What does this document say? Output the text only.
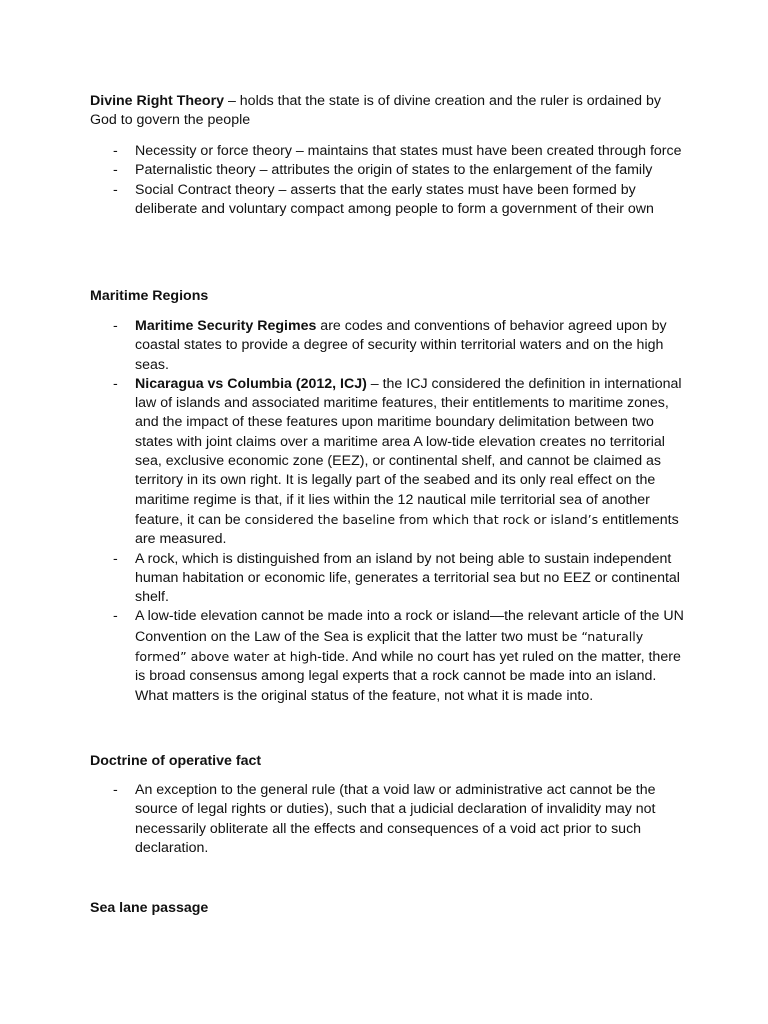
Divine Right Theory – holds that the state is of divine creation and the ruler is ordained by God to govern the people

- Necessity or force theory – maintains that states must have been created through force
- Paternalistic theory – attributes the origin of states to the enlargement of the family
- Social Contract theory – asserts that the early states must have been formed by deliberate and voluntary compact among people to form a government of their own
Maritime Regions
- Maritime Security Regimes are codes and conventions of behavior agreed upon by coastal states to provide a degree of security within territorial waters and on the high seas.
- Nicaragua vs Columbia (2012, ICJ) – the ICJ considered the definition in international law of islands and associated maritime features, their entitlements to maritime zones, and the impact of these features upon maritime boundary delimitation between two states with joint claims over a maritime area A low-tide elevation creates no territorial sea, exclusive economic zone (EEZ), or continental shelf, and cannot be claimed as territory in its own right. It is legally part of the seabed and its only real effect on the maritime regime is that, if it lies within the 12 nautical mile territorial sea of another feature, it can be considered the baseline from which that rock or island’s entitlements are measured.
- A rock, which is distinguished from an island by not being able to sustain independent human habitation or economic life, generates a territorial sea but no EEZ or continental shelf.
- A low-tide elevation cannot be made into a rock or island—the relevant article of the UN Convention on the Law of the Sea is explicit that the latter two must be “naturally formed” above water at high-tide. And while no court has yet ruled on the matter, there is broad consensus among legal experts that a rock cannot be made into an island. What matters is the original status of the feature, not what it is made into.
Doctrine of operative fact
- An exception to the general rule (that a void law or administrative act cannot be the source of legal rights or duties), such that a judicial declaration of invalidity may not necessarily obliterate all the effects and consequences of a void act prior to such declaration.
Sea lane passage
